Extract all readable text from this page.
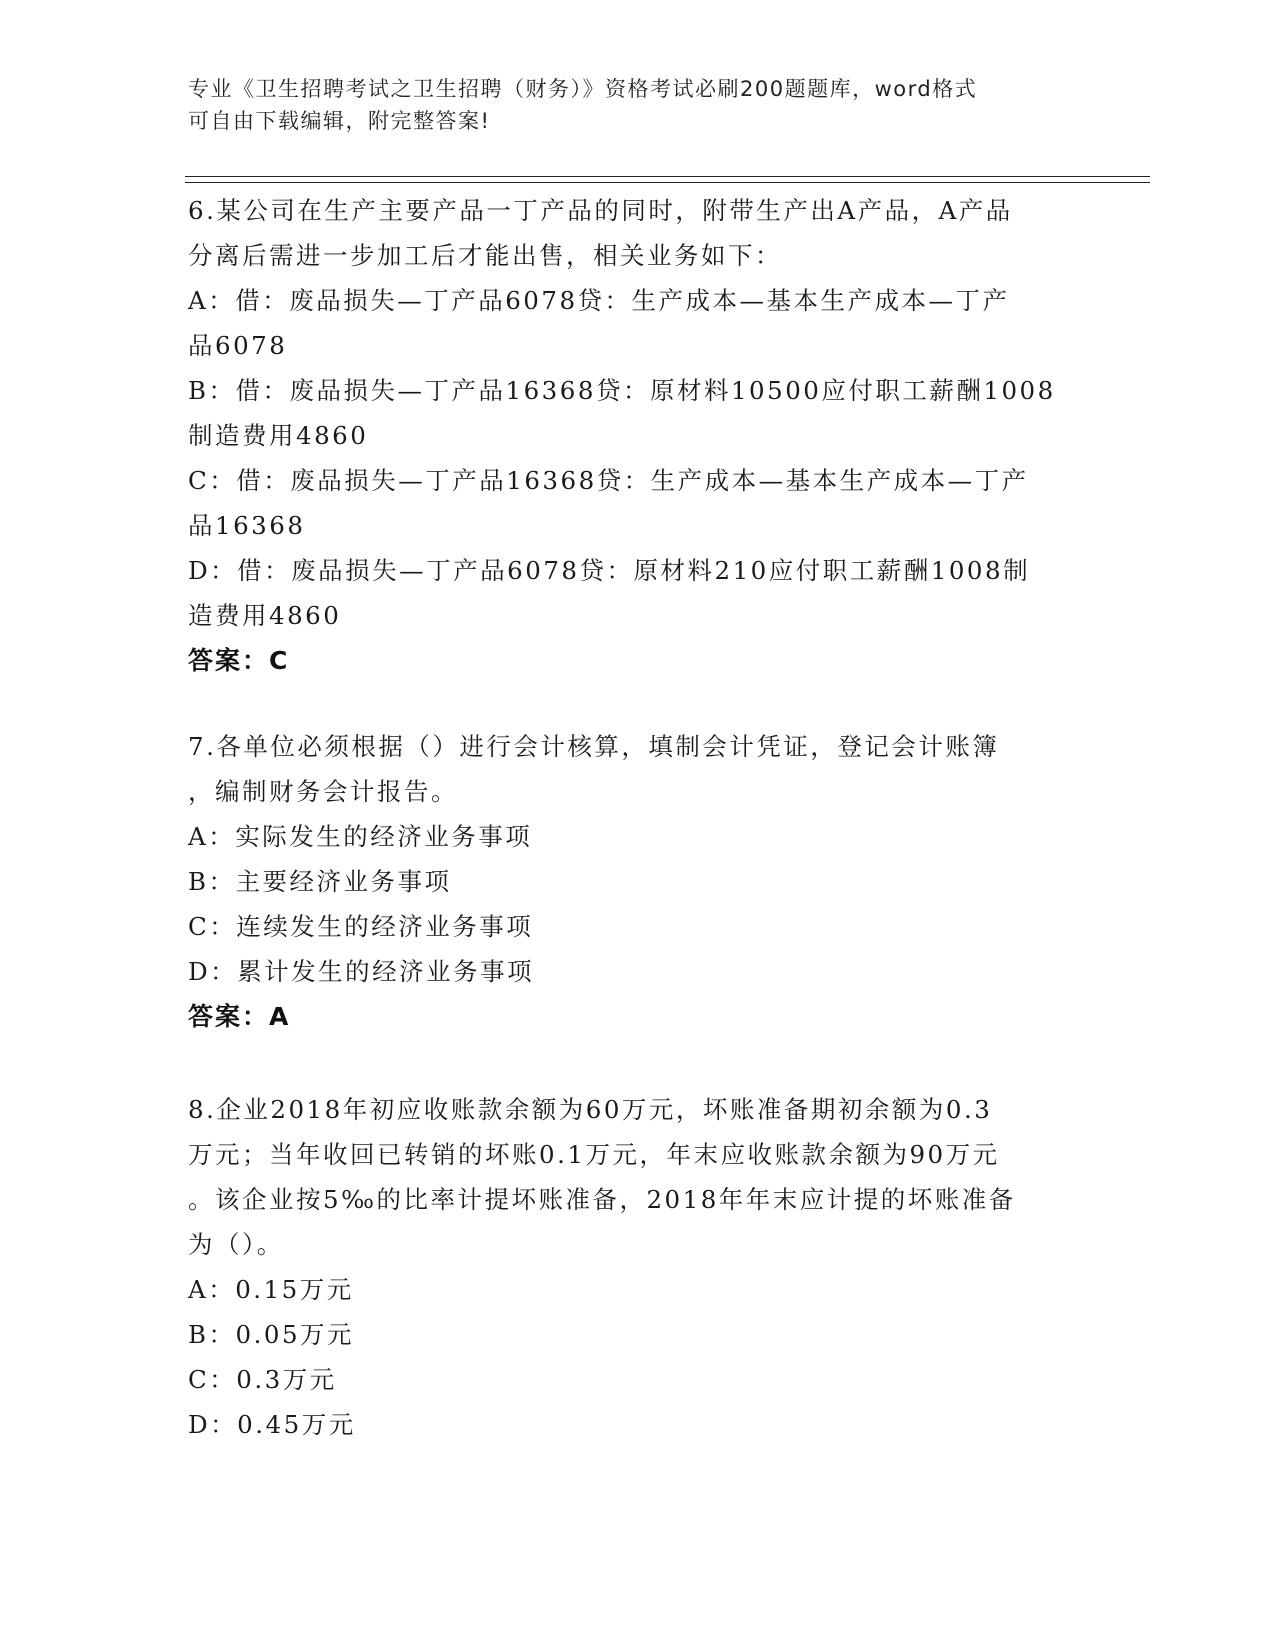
专业《卫生招聘考试之卫生招聘（财务）》资格考试必刷200题题库，word格式
可自由下载编辑，附完整答案!
6.某公司在生产主要产品一丁产品的同时，附带生产出A产品，A产品
分离后需进一步加工后才能出售，相关业务如下：
A：借：废品损失—丁产品6078贷：生产成本—基本生产成本—丁产
品6078
B：借：废品损失—丁产品16368贷：原材料10500应付职工薪酬1008
制造费用4860
C：借：废品损失—丁产品16368贷：生产成本—基本生产成本—丁产
品16368
D：借：废品损失—丁产品6078贷：原材料210应付职工薪酬1008制
造费用4860
答案：C
7.各单位必须根据（）进行会计核算，填制会计凭证，登记会计账簿
，编制财务会计报告。
A：实际发生的经济业务事项
B：主要经济业务事项
C：连续发生的经济业务事项
D：累计发生的经济业务事项
答案：A
8.企业2018年初应收账款余额为60万元，坏账准备期初余额为0.3
万元；当年收回已转销的坏账0.1万元，年末应收账款余额为90万元
。该企业按5‰的比率计提坏账准备，2018年年末应计提的坏账准备
为（）。
A：0.15万元
B：0.05万元
C：0.3万元
D：0.45万元
